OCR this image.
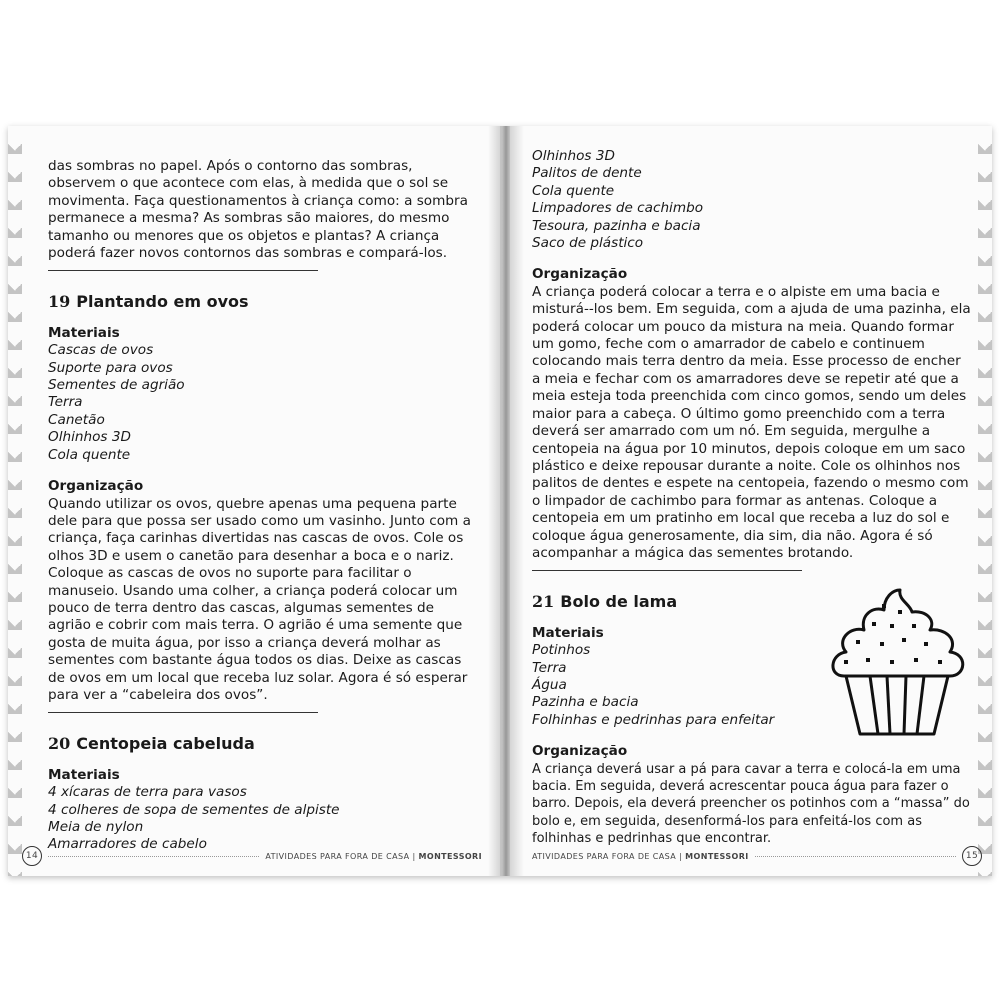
das sombras no papel. Após o contorno das sombras, observem o que acontece com elas, à medida que o sol se movimenta. Faça questionamentos à criança como: a sombra permanece a mesma? As sombras são maiores, do mesmo tamanho ou menores que os objetos e plantas? A criança poderá fazer novos contornos das sombras e compará-los.

19 Plantando em ovos

Materiais

Cascas de ovos

Suporte para ovos

Sementes de agrião

Terra

Canetão

Olhinhos 3D

Cola quente

Organização

Quando utilizar os ovos, quebre apenas uma pequena parte dele para que possa ser usado como um vasinho. Junto com a criança, faça carinhas divertidas nas cascas de ovos. Cole os olhos 3D e usem o canetão para desenhar a boca e o nariz. Coloque as cascas de ovos no suporte para facilitar o manuseio. Usando uma colher, a criança poderá colocar um pouco de terra dentro das cascas, algumas sementes de agrião e cobrir com mais terra. O agrião é uma semente que gosta de muita água, por isso a criança deverá molhar as sementes com bastante água todos os dias. Deixe as cascas de ovos em um local que receba luz solar. Agora é só esperar para ver a “cabeleira dos ovos”.

20 Centopeia cabeluda

Materiais

4 xícaras de terra para vasos

4 colheres de sopa de sementes de alpiste

Meia de nylon

Amarradores de cabelo

14	ATIVIDADES PARA FORA DE CASA |
MONTESSORI

Olhinhos 3D

Palitos de dente

Cola quente

Limpadores de cachimbo

Tesoura, pazinha e bacia

Saco de plástico

Organização

A criança poderá colocar a terra e o alpiste em uma bacia e misturá--los bem. Em seguida, com a ajuda de uma pazinha, ela poderá colocar um pouco da mistura na meia. Quando formar um gomo, feche com o amarrador de cabelo e continuem colocando mais terra dentro da meia. Esse processo de encher a meia e fechar com os amarradores deve se repetir até que a meia esteja toda preenchida com cinco gomos, sendo um deles maior para a cabeça. O último gomo preenchido com a terra deverá ser amarrado com um nó. Em seguida, mergulhe a centopeia na água por 10 minutos, depois coloque em um saco plástico e deixe repousar durante a noite. Cole os olhinhos nos palitos de dentes e espete na centopeia, fazendo o mesmo com o limpador de cachimbo para formar as antenas. Coloque a centopeia em um pratinho em local que receba a luz do sol e coloque água generosamente, dia sim, dia não. Agora é só acompanhar a mágica das sementes brotando.

21 Bolo de lama

Materiais

Potinhos

Terra

Água

Pazinha e bacia

Folhinhas e pedrinhas para enfeitar

Organização

A criança deverá usar a pá para cavar a terra e colocá-la em uma bacia. Em seguida, deverá acrescentar pouca água para fazer o barro. Depois, ela deverá preencher os potinhos com a “massa” do bolo e, em seguida, desenformá-los para enfeitá-los com as folhinhas e pedrinhas que encontrar.

ATIVIDADES PARA FORA DE CASA |
MONTESSORI	15
